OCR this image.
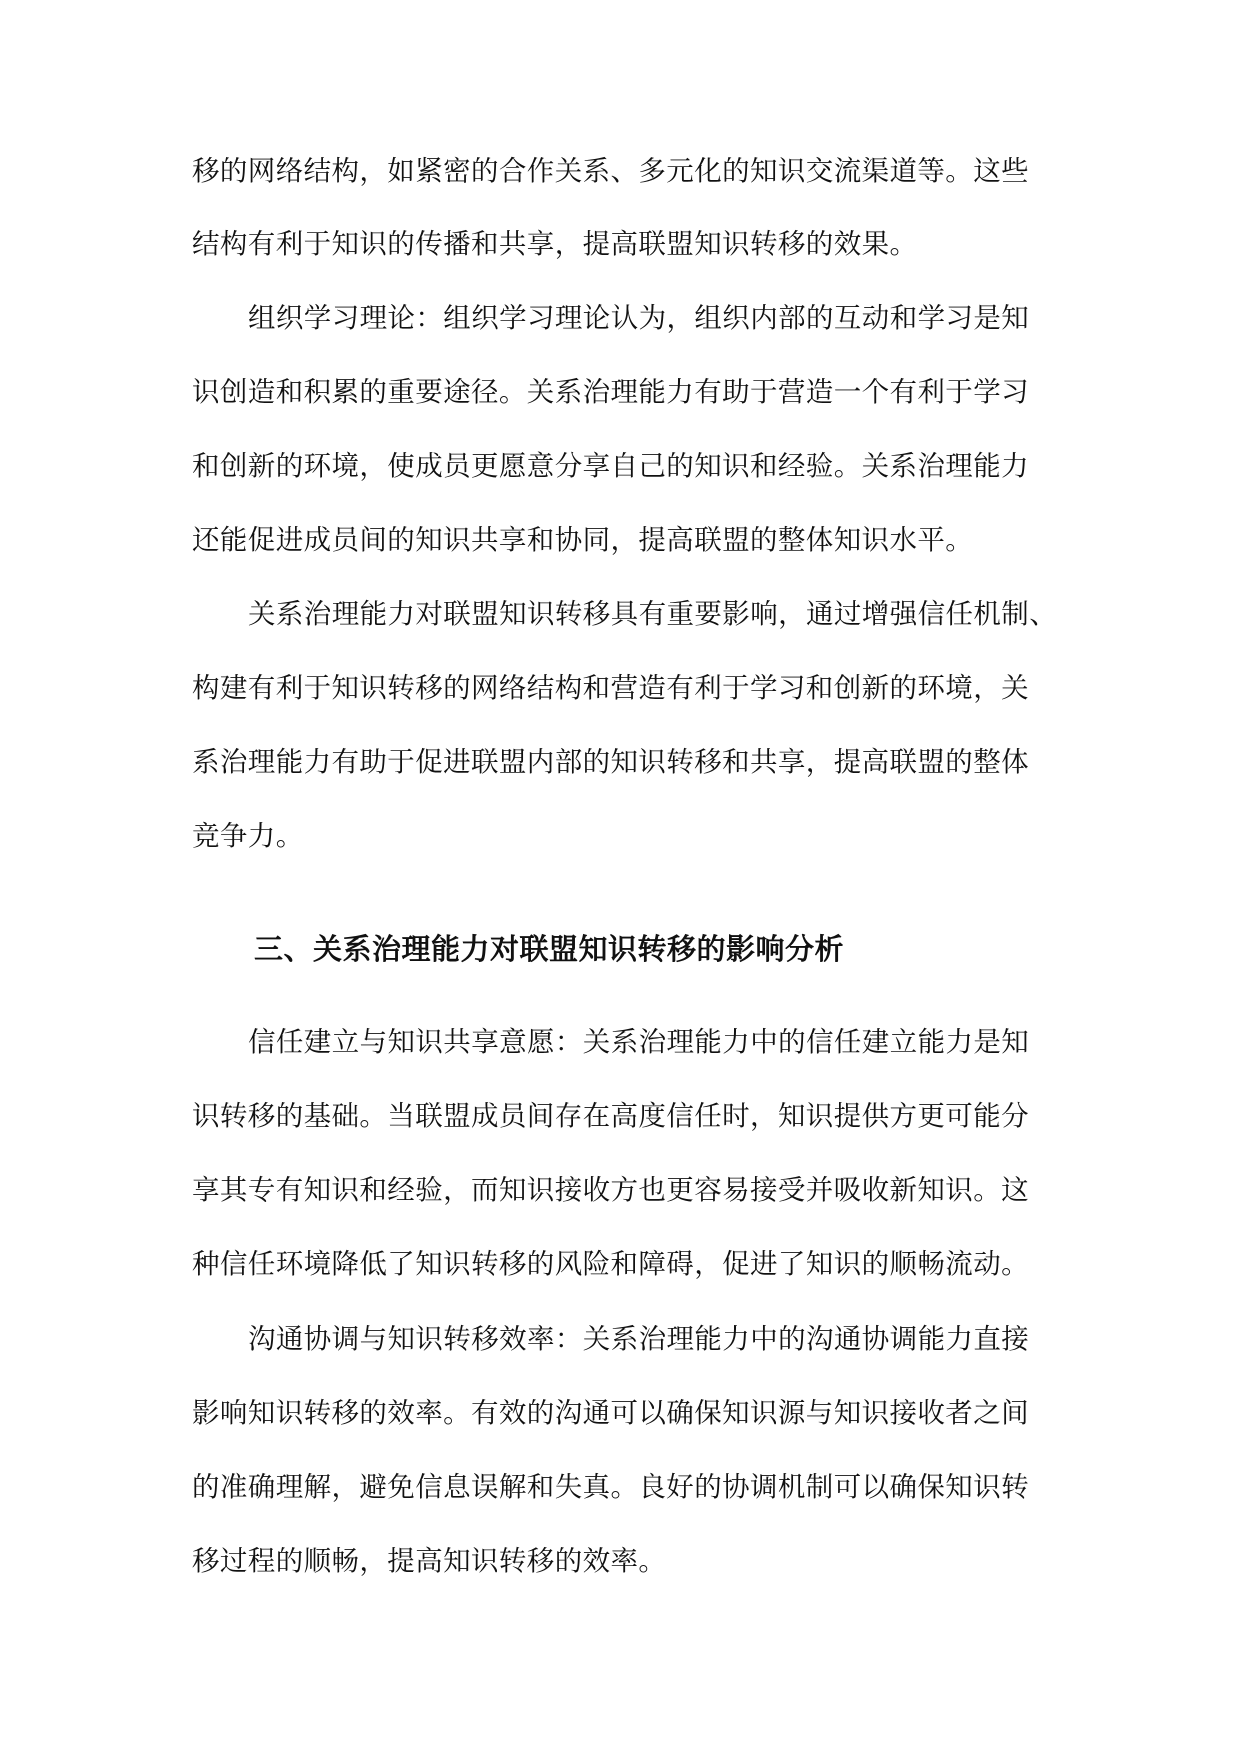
移的网络结构，如紧密的合作关系、多元化的知识交流渠道等。这些
结构有利于知识的传播和共享，提高联盟知识转移的效果。
组织学习理论：组织学习理论认为，组织内部的互动和学习是知
识创造和积累的重要途径。关系治理能力有助于营造一个有利于学习
和创新的环境，使成员更愿意分享自己的知识和经验。关系治理能力
还能促进成员间的知识共享和协同，提高联盟的整体知识水平。
关系治理能力对联盟知识转移具有重要影响，通过增强信任机制、
构建有利于知识转移的网络结构和营造有利于学习和创新的环境，关
系治理能力有助于促进联盟内部的知识转移和共享，提高联盟的整体
竞争力。
三、关系治理能力对联盟知识转移的影响分析
信任建立与知识共享意愿：关系治理能力中的信任建立能力是知
识转移的基础。当联盟成员间存在高度信任时，知识提供方更可能分
享其专有知识和经验，而知识接收方也更容易接受并吸收新知识。这
种信任环境降低了知识转移的风险和障碍，促进了知识的顺畅流动。
沟通协调与知识转移效率：关系治理能力中的沟通协调能力直接
影响知识转移的效率。有效的沟通可以确保知识源与知识接收者之间
的准确理解，避免信息误解和失真。良好的协调机制可以确保知识转
移过程的顺畅，提高知识转移的效率。
